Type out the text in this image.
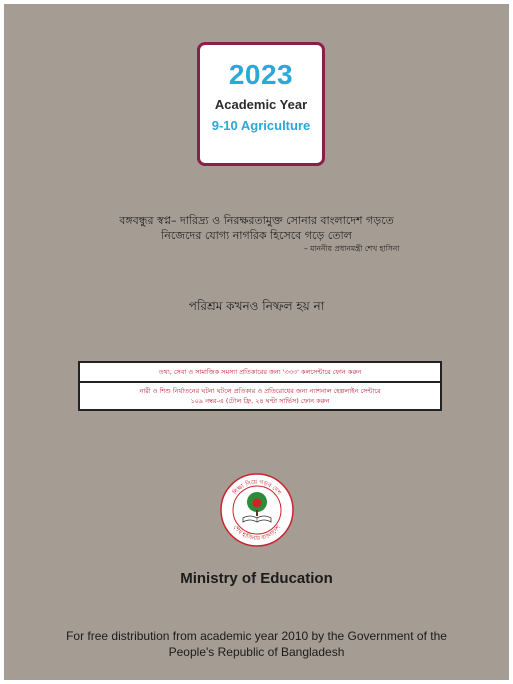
2023
Academic Year
9-10 Agriculture
বঙ্গবন্ধুর স্বপ্ন– দারিদ্র্য ও নিরক্ষরতামুক্ত সোনার বাংলাদেশ গড়তে
নিজেদের যোগ্য নাগরিক হিসেবে গড়ে তোল
– মাননীয় প্রধানমন্ত্রী শেখ হাসিনা
পরিশ্রম কখনও নিষ্ফল হয় না
তথ্য, সেবা ও সামাজিক সমস্যা প্রতিকারের জন্য '৩৩৩' কলসেন্টারে ফোন করুন
নারী ও শিশু নির্যাতনের ঘটনা ঘটলে প্রতিকার ও প্রতিরোধের জন্য ন্যাশনাল হেল্পলাইন সেন্টারে
১০৯ নম্বর-এ (টোল ফ্রি, ২৪ ঘণ্টা সার্ভিস) ফোন করুন
শিক্ষা নিয়ে গড়ব দেশ
শেখ হাসিনার বাংলাদেশ
Ministry of Education
For free distribution from academic year 2010 by the Government of the
People's Republic of Bangladesh
